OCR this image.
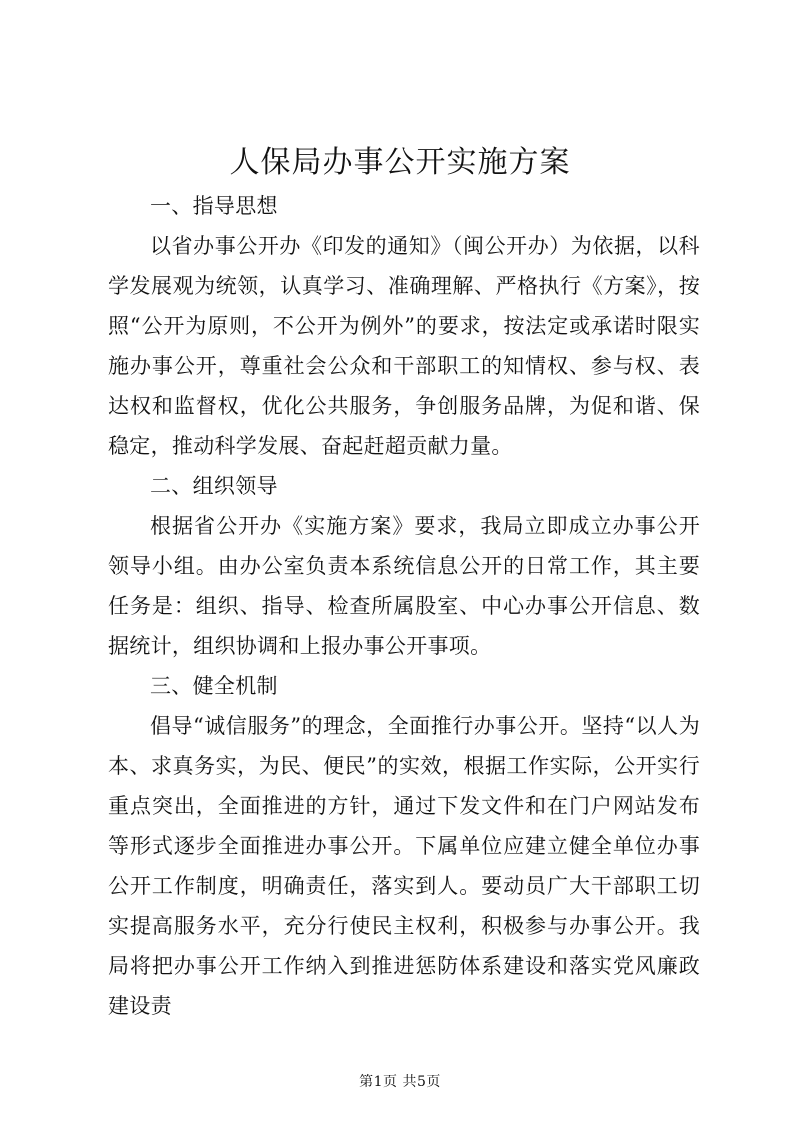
人保局办事公开实施方案

一、指导思想

以省办事公开办《印发的通知》（闽公开办）为依据，以科学发展观为统领，认真学习、准确理解、严格执行《方案》，按照“公开为原则，不公开为例外”的要求，按法定或承诺时限实施办事公开，尊重社会公众和干部职工的知情权、参与权、表达权和监督权，优化公共服务，争创服务品牌，为促和谐、保稳定，推动科学发展、奋起赶超贡献力量。

二、组织领导

根据省公开办《实施方案》要求，我局立即成立办事公开领导小组。由办公室负责本系统信息公开的日常工作，其主要任务是：组织、指导、检查所属股室、中心办事公开信息、数据统计，组织协调和上报办事公开事项。

三、健全机制

倡导“诚信服务”的理念，全面推行办事公开。坚持“以人为本、求真务实，为民、便民”的实效，根据工作实际，公开实行重点突出，全面推进的方针，通过下发文件和在门户网站发布等形式逐步全面推进办事公开。下属单位应建立健全单位办事公开工作制度，明确责任，落实到人。要动员广大干部职工切实提高服务水平，充分行使民主权利，积极参与办事公开。我局将把办事公开工作纳入到推进惩防体系建设和落实党风廉政建设责

第1页 共5页
